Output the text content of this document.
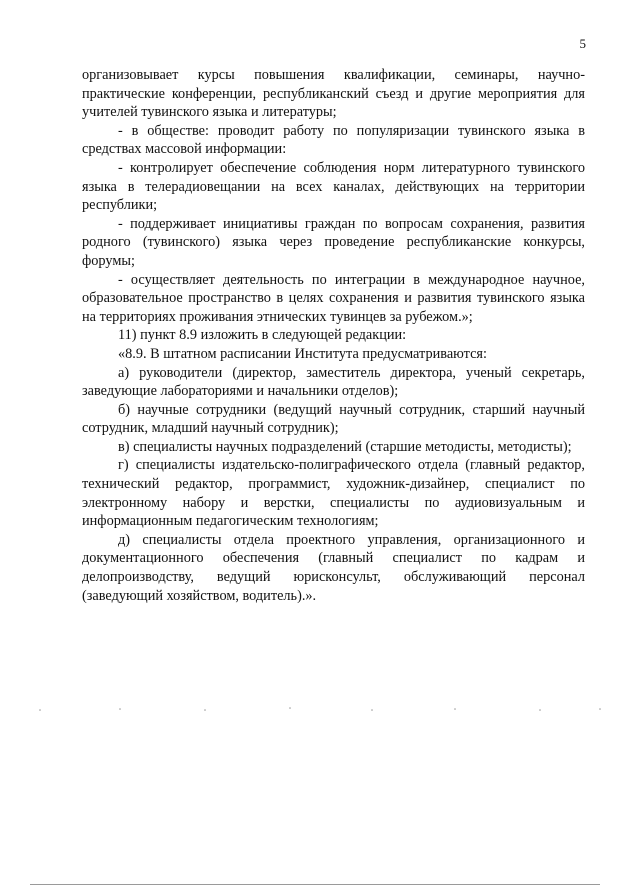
5

организовывает курсы повышения квалификации, семинары, научно-практические конференции, республиканский съезд и другие мероприятия для учителей тувинского языка и литературы;

- в обществе: проводит работу по популяризации тувинского языка в средствах массовой информации:

- контролирует обеспечение соблюдения норм литературного тувинского языка в телерадиовещании на всех каналах, действующих на территории республики;

- поддерживает инициативы граждан по вопросам сохранения, развития родного (тувинского) языка через проведение республиканские конкурсы, форумы;

- осуществляет деятельность по интеграции в международное научное, образовательное пространство в целях сохранения и развития тувинского языка на территориях проживания этнических тувинцев за рубежом.»;

11) пункт 8.9 изложить в следующей редакции:

«8.9. В штатном расписании Института предусматриваются:

а) руководители (директор, заместитель директора, ученый секретарь, заведующие лабораториями и начальники отделов);

б) научные сотрудники (ведущий научный сотрудник, старший научный сотрудник, младший научный сотрудник);

в) специалисты научных подразделений (старшие методисты, методисты);

г) специалисты издательско-полиграфического отдела (главный редактор, технический редактор, программист, художник-дизайнер, специалист по электронному набору и верстки, специалисты по аудиовизуальным и информационным педагогическим технологиям;

д) специалисты отдела проектного управления, организационного и документационного обеспечения (главный специалист по кадрам и делопроизводству, ведущий юрисконсульт, обслуживающий персонал (заведующий хозяйством, водитель).».
